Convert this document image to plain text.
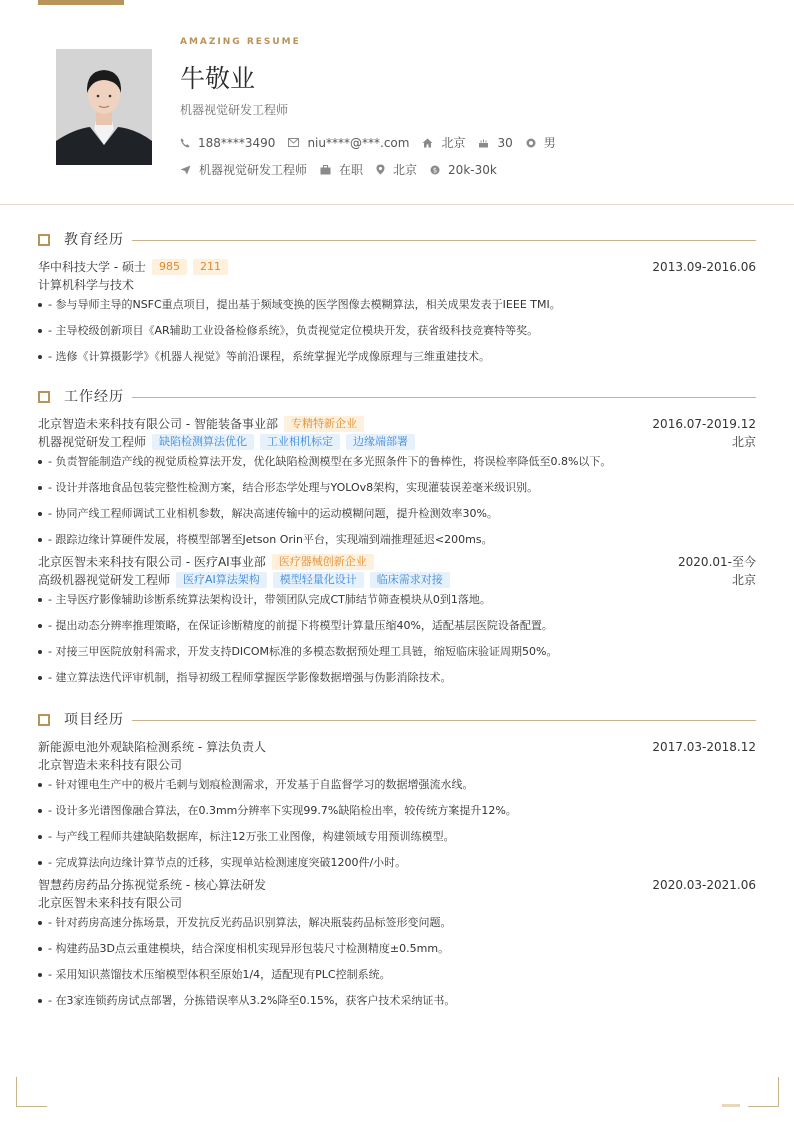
AMAZING RESUME
牛敬业
机器视觉研发工程师
188****3490	niu****@***.com	北京	30	男
机器视觉研发工程师	在职	北京 $ 20k-30k
教育经历
华中科技大学 - 硕士	985	211	2013.09-2016.06
计算机科学与技术
- 参与导师主导的NSFC重点项目，提出基于频域变换的医学图像去模糊算法，相关成果发表于IEEE TMI。
- 主导校级创新项目《AR辅助工业设备检修系统》，负责视觉定位模块开发，获省级科技竞赛特等奖。
- 选修《计算摄影学》《机器人视觉》等前沿课程，系统掌握光学成像原理与三维重建技术。
工作经历
北京智造未来科技有限公司 - 智能装备事业部	专精特新企业	2016.07-2019.12
机器视觉研发工程师	缺陷检测算法优化	工业相机标定	边缘端部署	北京
- 负责智能制造产线的视觉质检算法开发，优化缺陷检测模型在多光照条件下的鲁棒性，将误检率降低至0.8%以下。
- 设计并落地食品包装完整性检测方案，结合形态学处理与YOLOv8架构，实现灌装误差毫米级识别。
- 协同产线工程师调试工业相机参数，解决高速传输中的运动模糊问题，提升检测效率30%。
- 跟踪边缘计算硬件发展，将模型部署至Jetson Orin平台，实现端到端推理延迟<200ms。
北京医智未来科技有限公司 - 医疗AI事业部	医疗器械创新企业	2020.01-至今
高级机器视觉研发工程师	医疗AI算法架构	模型轻量化设计	临床需求对接	北京
- 主导医疗影像辅助诊断系统算法架构设计，带领团队完成CT肺结节筛查模块从0到1落地。
- 提出动态分辨率推理策略，在保证诊断精度的前提下将模型计算量压缩40%，适配基层医院设备配置。
- 对接三甲医院放射科需求，开发支持DICOM标准的多模态数据预处理工具链，缩短临床验证周期50%。
- 建立算法迭代评审机制，指导初级工程师掌握医学影像数据增强与伪影消除技术。
项目经历
新能源电池外观缺陷检测系统 - 算法负责人	2017.03-2018.12
北京智造未来科技有限公司
- 针对锂电生产中的极片毛刺与划痕检测需求，开发基于自监督学习的数据增强流水线。
- 设计多光谱图像融合算法，在0.3mm分辨率下实现99.7%缺陷检出率，较传统方案提升12%。
- 与产线工程师共建缺陷数据库，标注12万张工业图像，构建领域专用预训练模型。
- 完成算法向边缘计算节点的迁移，实现单站检测速度突破1200件/小时。
智慧药房药品分拣视觉系统 - 核心算法研发	2020.03-2021.06
北京医智未来科技有限公司
- 针对药房高速分拣场景，开发抗反光药品识别算法，解决瓶装药品标签形变问题。
- 构建药品3D点云重建模块，结合深度相机实现异形包装尺寸检测精度±0.5mm。
- 采用知识蒸馏技术压缩模型体积至原始1/4，适配现有PLC控制系统。
- 在3家连锁药房试点部署，分拣错误率从3.2%降至0.15%，获客户技术采纳证书。
